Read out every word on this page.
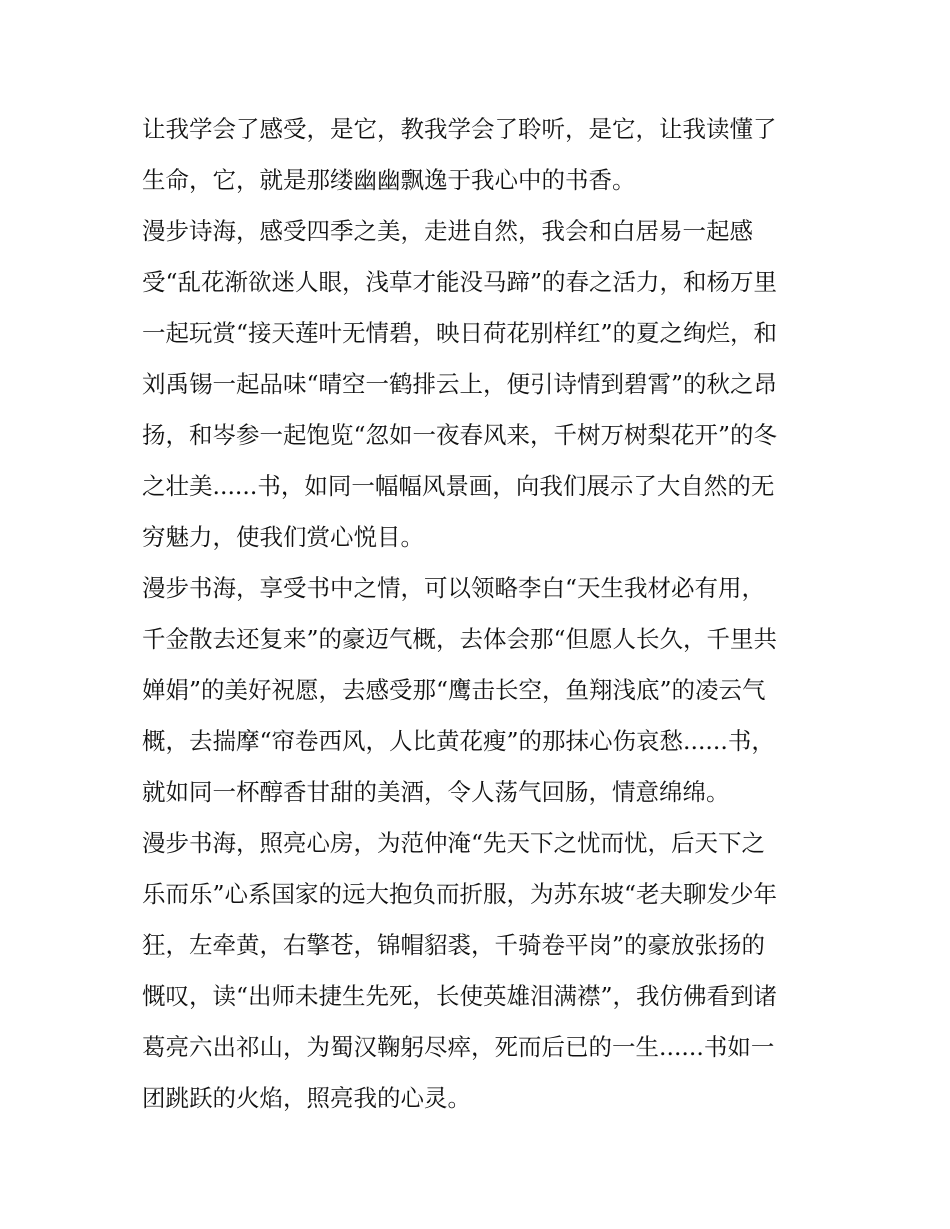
让我学会了感受，是它，教我学会了聆听，是它，让我读懂了
生命，它，就是那缕幽幽飘逸于我心中的书香。
漫步诗海，感受四季之美，走进自然，我会和白居易一起感
受“乱花渐欲迷人眼，浅草才能没马蹄”的春之活力，和杨万里
一起玩赏“接天莲叶无情碧，映日荷花别样红”的夏之绚烂，和
刘禹锡一起品味“晴空一鹤排云上，便引诗情到碧霄”的秋之昂
扬，和岑参一起饱览“忽如一夜春风来，千树万树梨花开”的冬
之壮美......书，如同一幅幅风景画，向我们展示了大自然的无
穷魅力，使我们赏心悦目。
漫步书海，享受书中之情，可以领略李白“天生我材必有用，
千金散去还复来”的豪迈气概，去体会那“但愿人长久，千里共
婵娟”的美好祝愿，去感受那“鹰击长空，鱼翔浅底”的凌云气
概，去揣摩“帘卷西风，人比黄花瘦”的那抹心伤哀愁......书，
就如同一杯醇香甘甜的美酒，令人荡气回肠，情意绵绵。
漫步书海，照亮心房，为范仲淹“先天下之忧而忧，后天下之
乐而乐”心系国家的远大抱负而折服，为苏东坡“老夫聊发少年
狂，左牵黄，右擎苍，锦帽貂裘，千骑卷平岗”的豪放张扬的
慨叹，读“出师未捷生先死，长使英雄泪满襟”，我仿佛看到诸
葛亮六出祁山，为蜀汉鞠躬尽瘁，死而后已的一生......书如一
团跳跃的火焰，照亮我的心灵。
